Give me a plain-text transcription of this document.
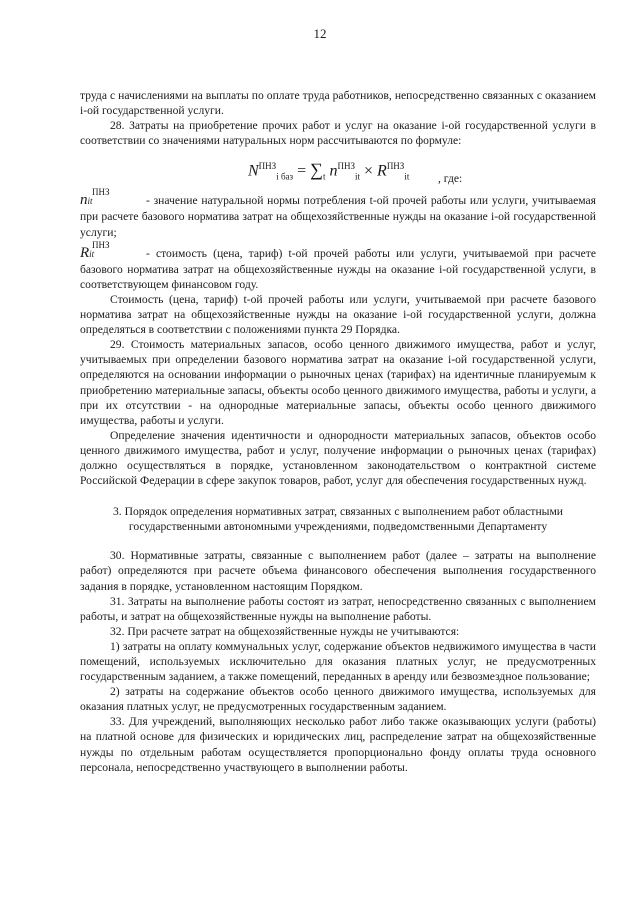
12

труда с начислениями на выплаты по оплате труда работников, непосредственно связанных с оказанием i-ой государственной услуги.

28. Затраты на приобретение прочих работ и услуг на оказание i-ой государственной услуги в соответствии со значениями натуральных норм рассчитываются по формуле:

$N^{ПНЗ}_{i баз} = \sum_t$ $n^{ПНЗ}_{it} \times R^{ПНЗ}_{it}$ , где:

ПНЗ
nit	- значение натуральной нормы потребления t-ой прочей работы или услуги, учитываемая при расчете базового норматива затрат на общехозяйственные нужды на оказание i-ой государственной услуги;

ПНЗ
Rit	- стоимость (цена, тариф) t-ой прочей работы или услуги, учитываемой при расчете базового норматива затрат на общехозяйственные нужды на оказание i-ой государственной услуги, в соответствующем финансовом году.

Стоимость (цена, тариф) t-ой прочей работы или услуги, учитываемой при расчете базового норматива затрат на общехозяйственные нужды на оказание i-ой государственной услуги, должна определяться в соответствии с положениями пункта 29 Порядка.

29. Стоимость материальных запасов, особо ценного движимого имущества, работ и услуг, учитываемых при определении базового норматива затрат на оказание i-ой государственной услуги, определяются на основании информации о рыночных ценах (тарифах) на идентичные планируемым к приобретению материальные запасы, объекты особо ценного движимого имущества, работы и услуги, а при их отсутствии - на однородные материальные запасы, объекты особо ценного движимого имущества, работы и услуги.

Определение значения идентичности и однородности материальных запасов, объектов особо ценного движимого имущества, работ и услуг, получение информации о рыночных ценах (тарифах) должно осуществляться в порядке, установленном законодательством о контрактной системе Российской Федерации в сфере закупок товаров, работ, услуг для обеспечения государственных нужд.

3. Порядок определения нормативных затрат, связанных с выполнением работ областными государственными автономными учреждениями, подведомственными Департаменту

30. Нормативные затраты, связанные с выполнением работ (далее – затраты на выполнение работ) определяются при расчете объема финансового обеспечения выполнения государственного задания в порядке, установленном настоящим Порядком.

31. Затраты на выполнение работы состоят из затрат, непосредственно связанных с выполнением работы, и затрат на общехозяйственные нужды на выполнение работы.

32. При расчете затрат на общехозяйственные нужды не учитываются:

1) затраты на оплату коммунальных услуг, содержание объектов недвижимого имущества в части помещений, используемых исключительно для оказания платных услуг, не предусмотренных государственным заданием, а также помещений, переданных в аренду или безвозмездное пользование;

2) затраты на содержание объектов особо ценного движимого имущества, используемых для оказания платных услуг, не предусмотренных государственным заданием.

33. Для учреждений, выполняющих несколько работ либо также оказывающих услуги (работы) на платной основе для физических и юридических лиц, распределение затрат на общехозяйственные нужды по отдельным работам осуществляется пропорционально фонду оплаты труда основного персонала, непосредственно участвующего в выполнении работы.
